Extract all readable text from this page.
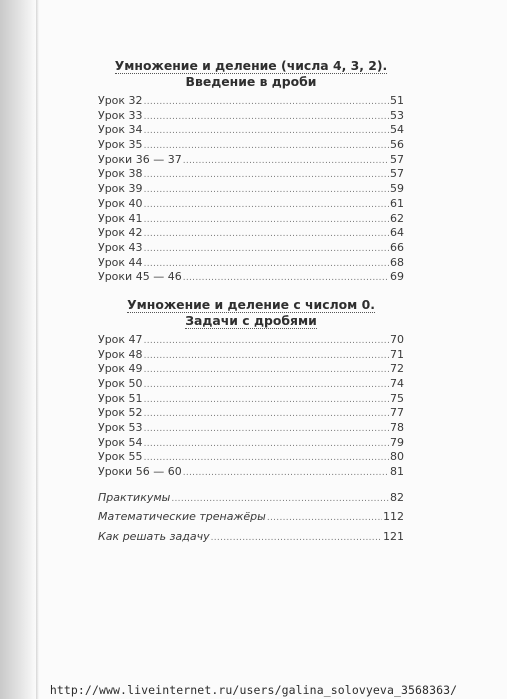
Умножение и деление (числа 4, 3, 2).
Введение в дроби
Урок 32 .....	51
Урок 33 .....	53
Урок 34 .....	54
Урок 35 .....	56
Уроки 36 — 37 .....	57
Урок 38 .....	57
Урок 39 .....	59
Урок 40 .....	61
Урок 41 .....	62
Урок 42 .....	64
Урок 43 .....	66
Урок 44 .....	68
Уроки 45 — 46 .....	69
Умножение и деление с числом 0.
Задачи с дробями
Урок 47 .....	70
Урок 48 .....	71
Урок 49 .....	72
Урок 50 .....	74
Урок 51 .....	75
Урок 52 .....	77
Урок 53 .....	78
Урок 54 .....	79
Урок 55 .....	80
Уроки 56 — 60 .....	81
Практикумы .....	82
Математические тренажёры .....	112
Как решать задачу .....	121
http://www.liveinternet.ru/users/galina_solovyeva_3568363/
